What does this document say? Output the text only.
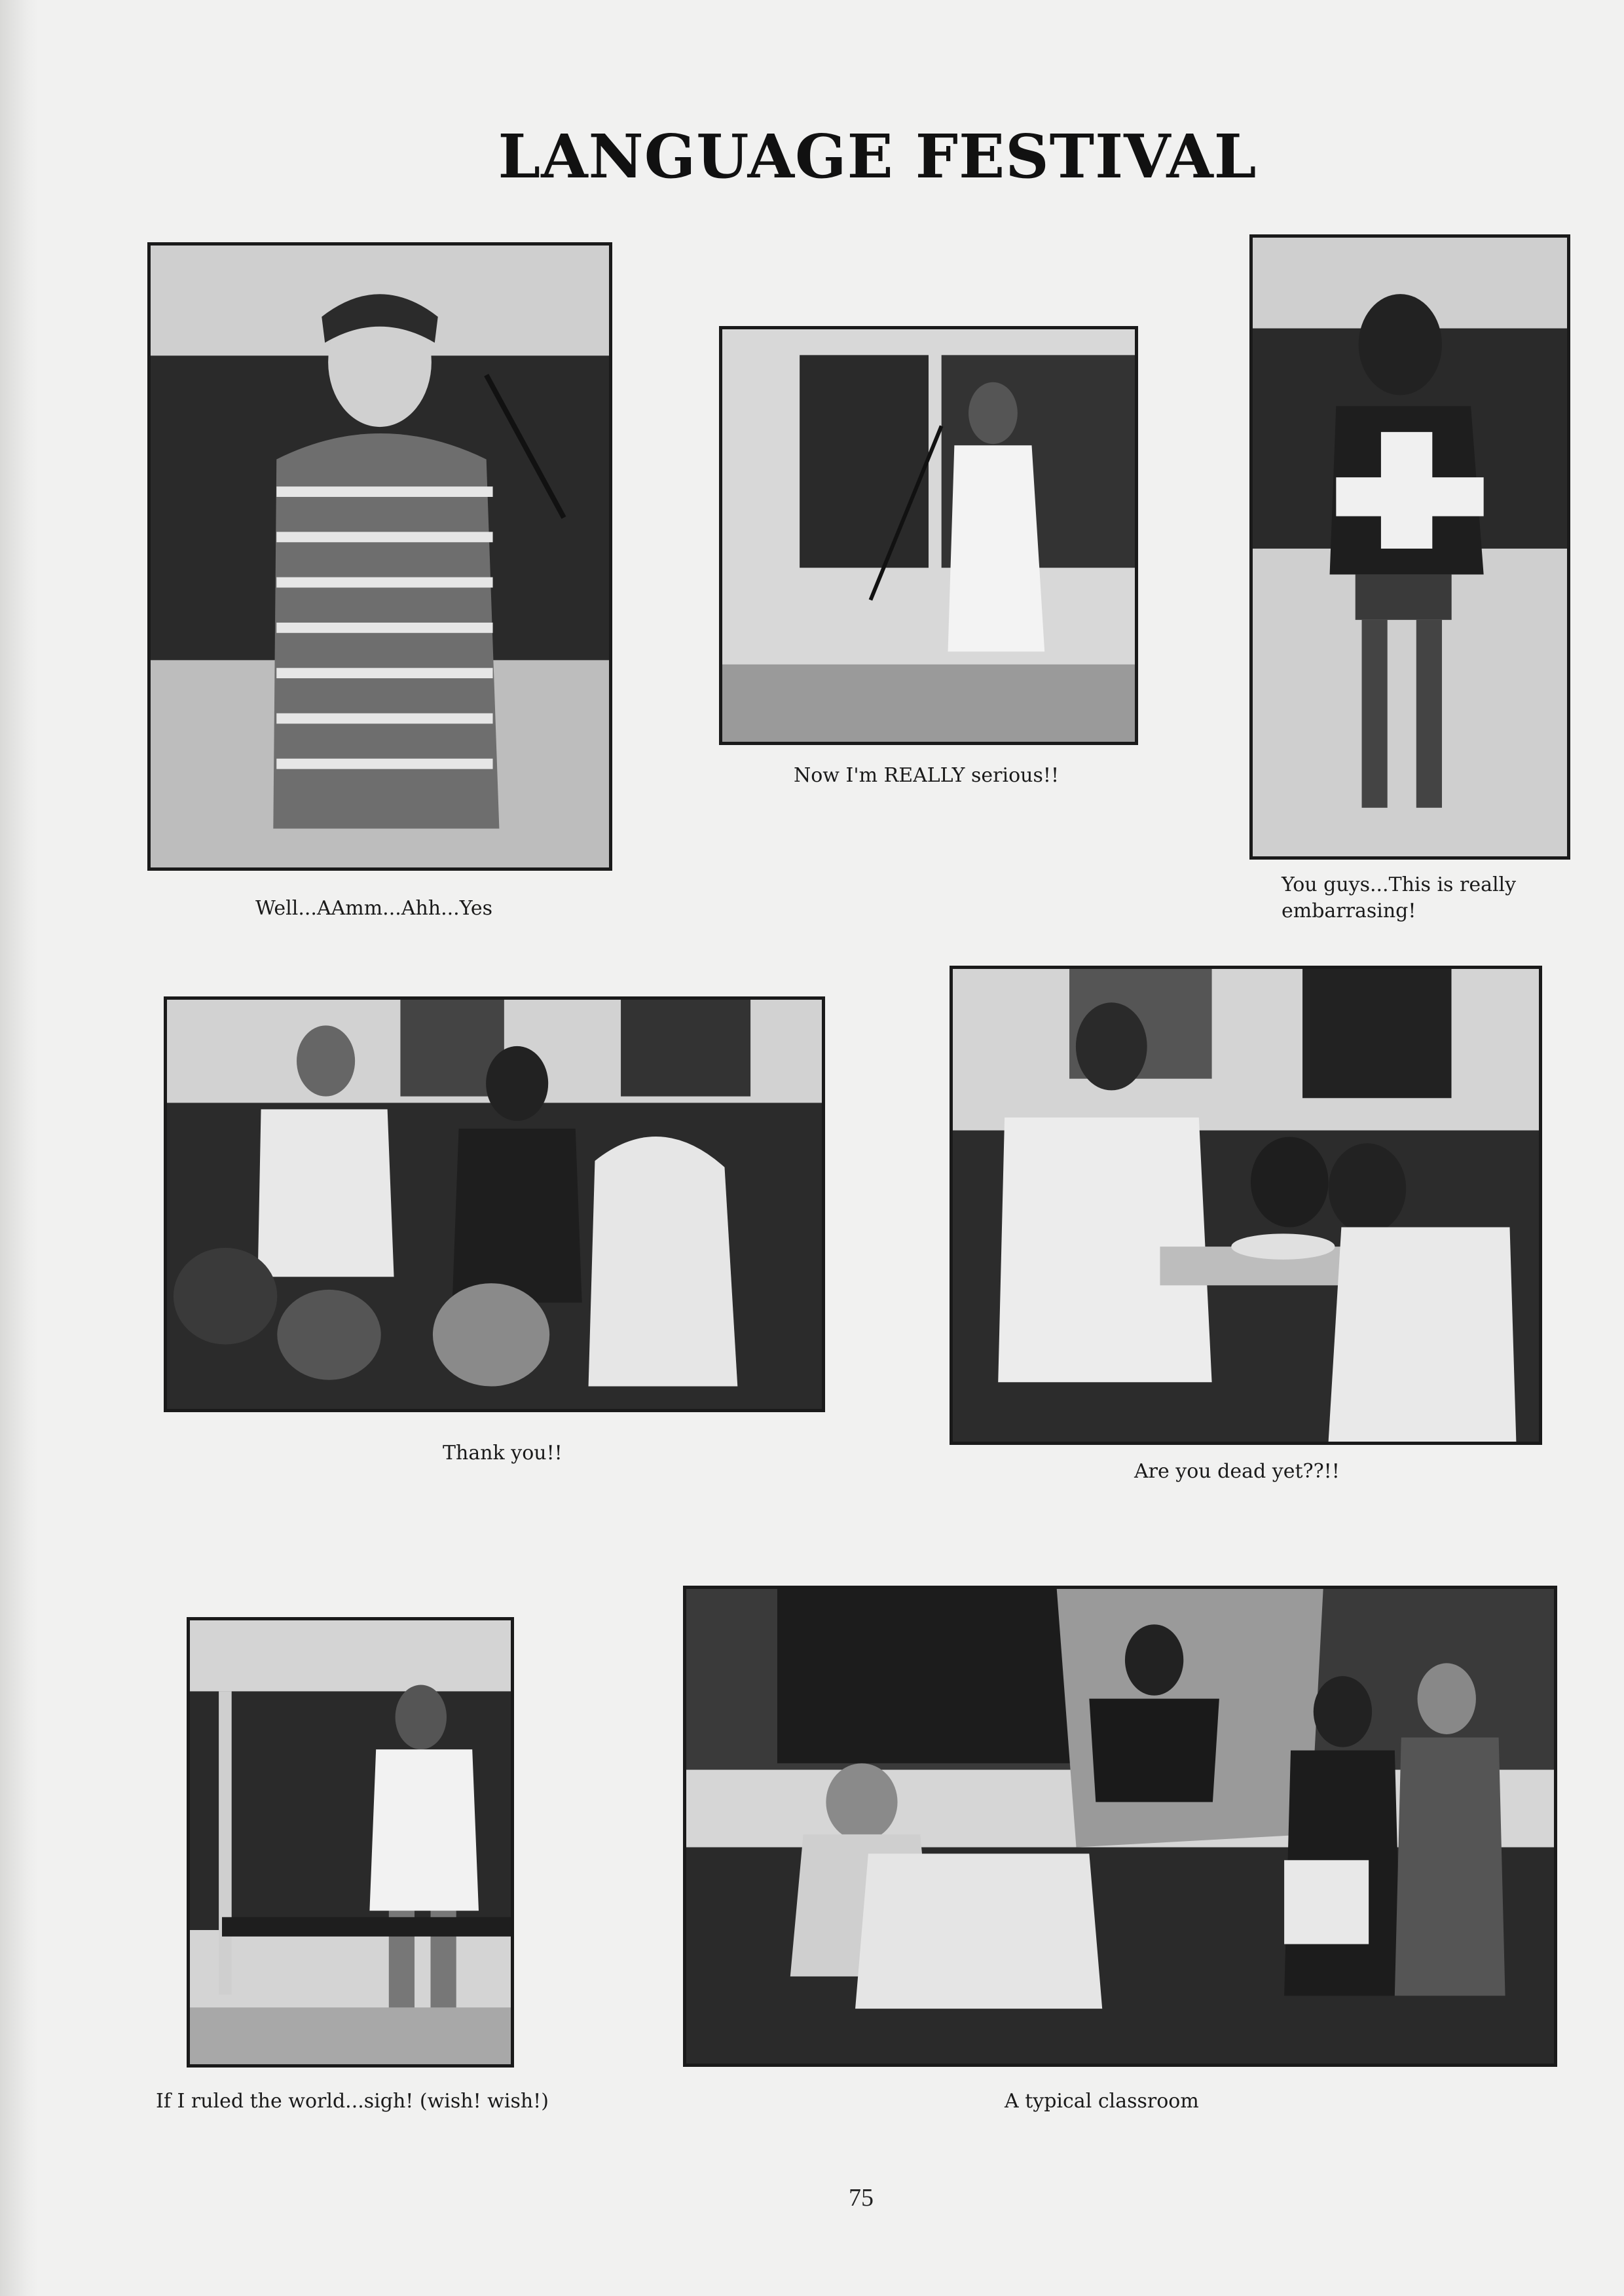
LANGUAGE FESTIVAL
Well...AAmm...Ahh...Yes
Now I'm REALLY serious!!
You guys...This is really
embarrasing!
Thank you!!
Are you dead yet??!!
If I ruled the world...sigh! (wish! wish!)	A typical classroom
75
